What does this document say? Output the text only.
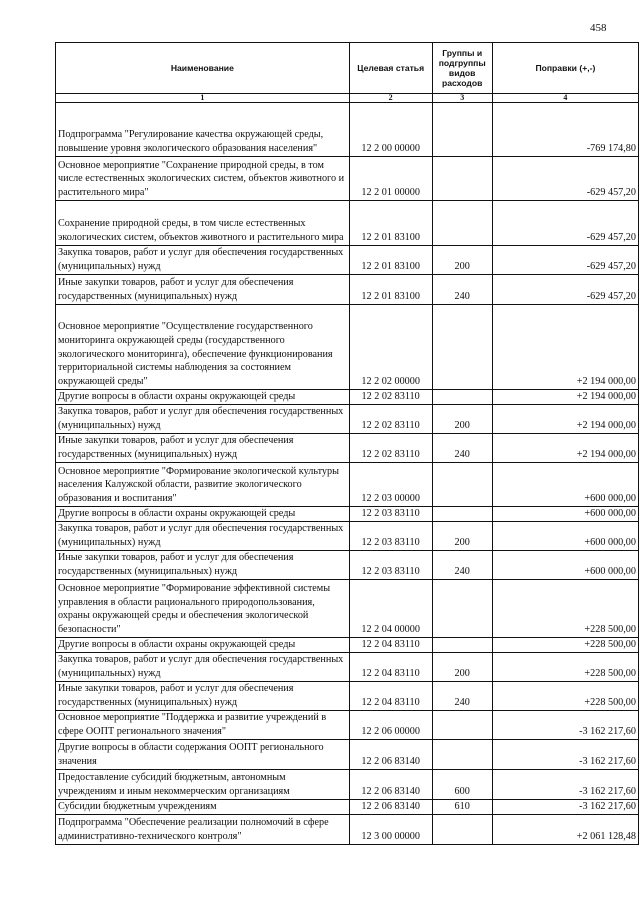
458
Наименование	Целевая статья	Группы и подгруппы видов расходов	Поправки (+,-)
1	2	3	4
Подпрограмма "Регулирование качества окружающей среды, повышение уровня экологического образования населения"	12 2 00 00000		-769 174,80
Основное мероприятие "Сохранение природной среды, в том числе естественных экологических систем, объектов животного и растительного мира"	12 2 01 00000		-629 457,20
Сохранение природной среды, в том числе естественных экологических систем, объектов животного и растительного мира	12 2 01 83100		-629 457,20
Закупка товаров, работ и услуг для обеспечения государственных (муниципальных) нужд	12 2 01 83100	200	-629 457,20
Иные закупки товаров, работ и услуг для обеспечения государственных (муниципальных) нужд	12 2 01 83100	240	-629 457,20
Основное мероприятие "Осуществление государственного мониторинга окружающей среды (государственного экологического мониторинга), обеспечение функционирования территориальной системы наблюдения за состоянием окружающей среды"	12 2 02 00000		+2 194 000,00
Другие вопросы в области охраны окружающей среды	12 2 02 83110		+2 194 000,00
Закупка товаров, работ и услуг для обеспечения государственных (муниципальных) нужд	12 2 02 83110	200	+2 194 000,00
Иные закупки товаров, работ и услуг для обеспечения государственных (муниципальных) нужд	12 2 02 83110	240	+2 194 000,00
Основное мероприятие "Формирование экологической культуры населения Калужской области, развитие экологического образования и воспитания"	12 2 03 00000		+600 000,00
Другие вопросы в области охраны окружающей среды	12 2 03 83110		+600 000,00
Закупка товаров, работ и услуг для обеспечения государственных (муниципальных) нужд	12 2 03 83110	200	+600 000,00
Иные закупки товаров, работ и услуг для обеспечения государственных (муниципальных) нужд	12 2 03 83110	240	+600 000,00
Основное мероприятие "Формирование эффективной системы управления в области рационального природопользования, охраны окружающей среды и обеспечения экологической безопасности"	12 2 04 00000		+228 500,00
Другие вопросы в области охраны окружающей среды	12 2 04 83110		+228 500,00
Закупка товаров, работ и услуг для обеспечения государственных (муниципальных) нужд	12 2 04 83110	200	+228 500,00
Иные закупки товаров, работ и услуг для обеспечения государственных (муниципальных) нужд	12 2 04 83110	240	+228 500,00
Основное мероприятие "Поддержка и развитие учреждений в сфере ООПТ регионального значения"	12 2 06 00000		-3 162 217,60
Другие вопросы в области содержания ООПТ регионального значения	12 2 06 83140		-3 162 217,60
Предоставление субсидий бюджетным, автономным учреждениям и иным некоммерческим организациям	12 2 06 83140	600	-3 162 217,60
Субсидии бюджетным учреждениям	12 2 06 83140	610	-3 162 217,60
Подпрограмма "Обеспечение реализации полномочий в сфере административно-технического контроля"	12 3 00 00000		+2 061 128,48
